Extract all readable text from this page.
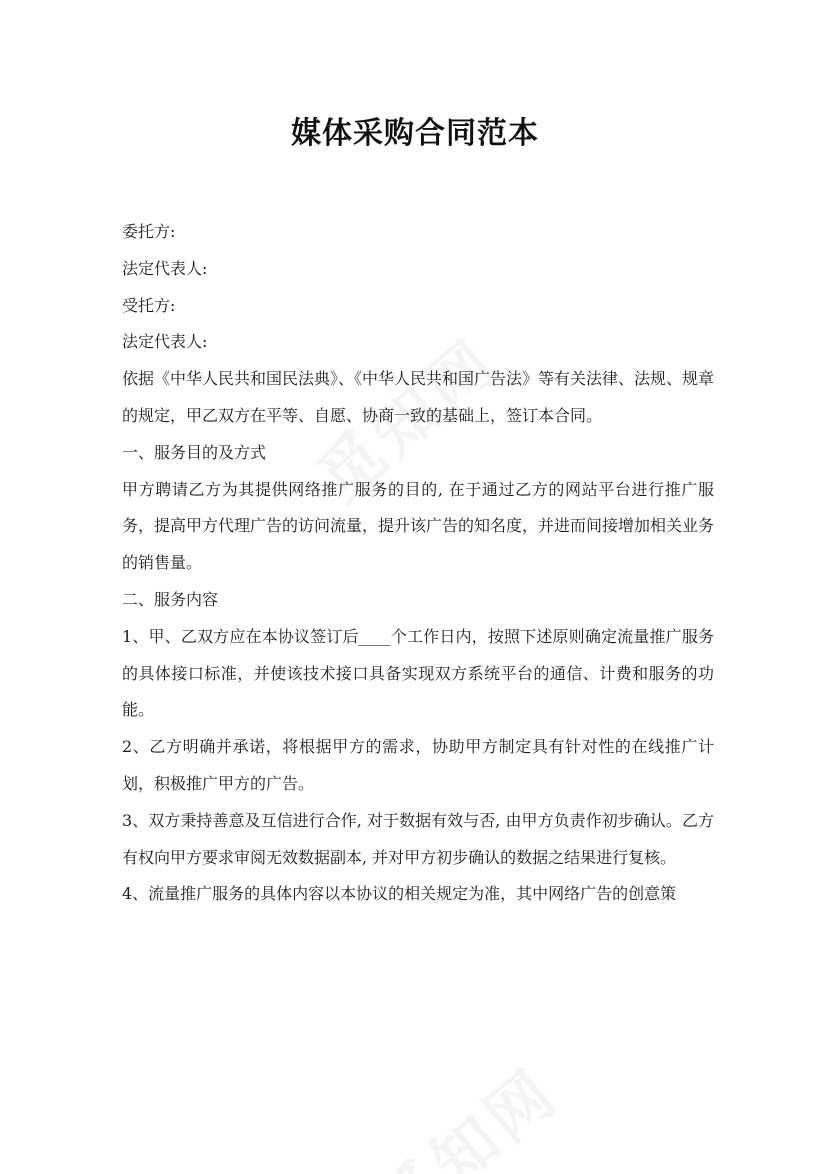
媒体采购合同范本

委托方:

法定代表人:

受托方:

法定代表人:

依据《中华人民共和国民法典》、《中华人民共和国广告法》等有关法律、法规、规章的规定，甲乙双方在平等、自愿、协商一致的基础上，签订本合同。

一、服务目的及方式

甲方聘请乙方为其提供网络推广服务的目的, 在于通过乙方的网站平台进行推广服务，提高甲方代理广告的访问流量，提升该广告的知名度，并进而间接增加相关业务的销售量。

二、服务内容

1、甲、乙双方应在本协议签订后____个工作日内，按照下述原则确定流量推广服务的具体接口标准，并使该技术接口具备实现双方系统平台的通信、计费和服务的功能。

2、乙方明确并承诺，将根据甲方的需求，协助甲方制定具有针对性的在线推广计划，积极推广甲方的广告。

3、双方秉持善意及互信进行合作, 对于数据有效与否, 由甲方负责作初步确认。乙方有权向甲方要求审阅无效数据副本, 并对甲方初步确认的数据之结果进行复核。

4、流量推广服务的具体内容以本协议的相关规定为准，其中网络广告的创意策
